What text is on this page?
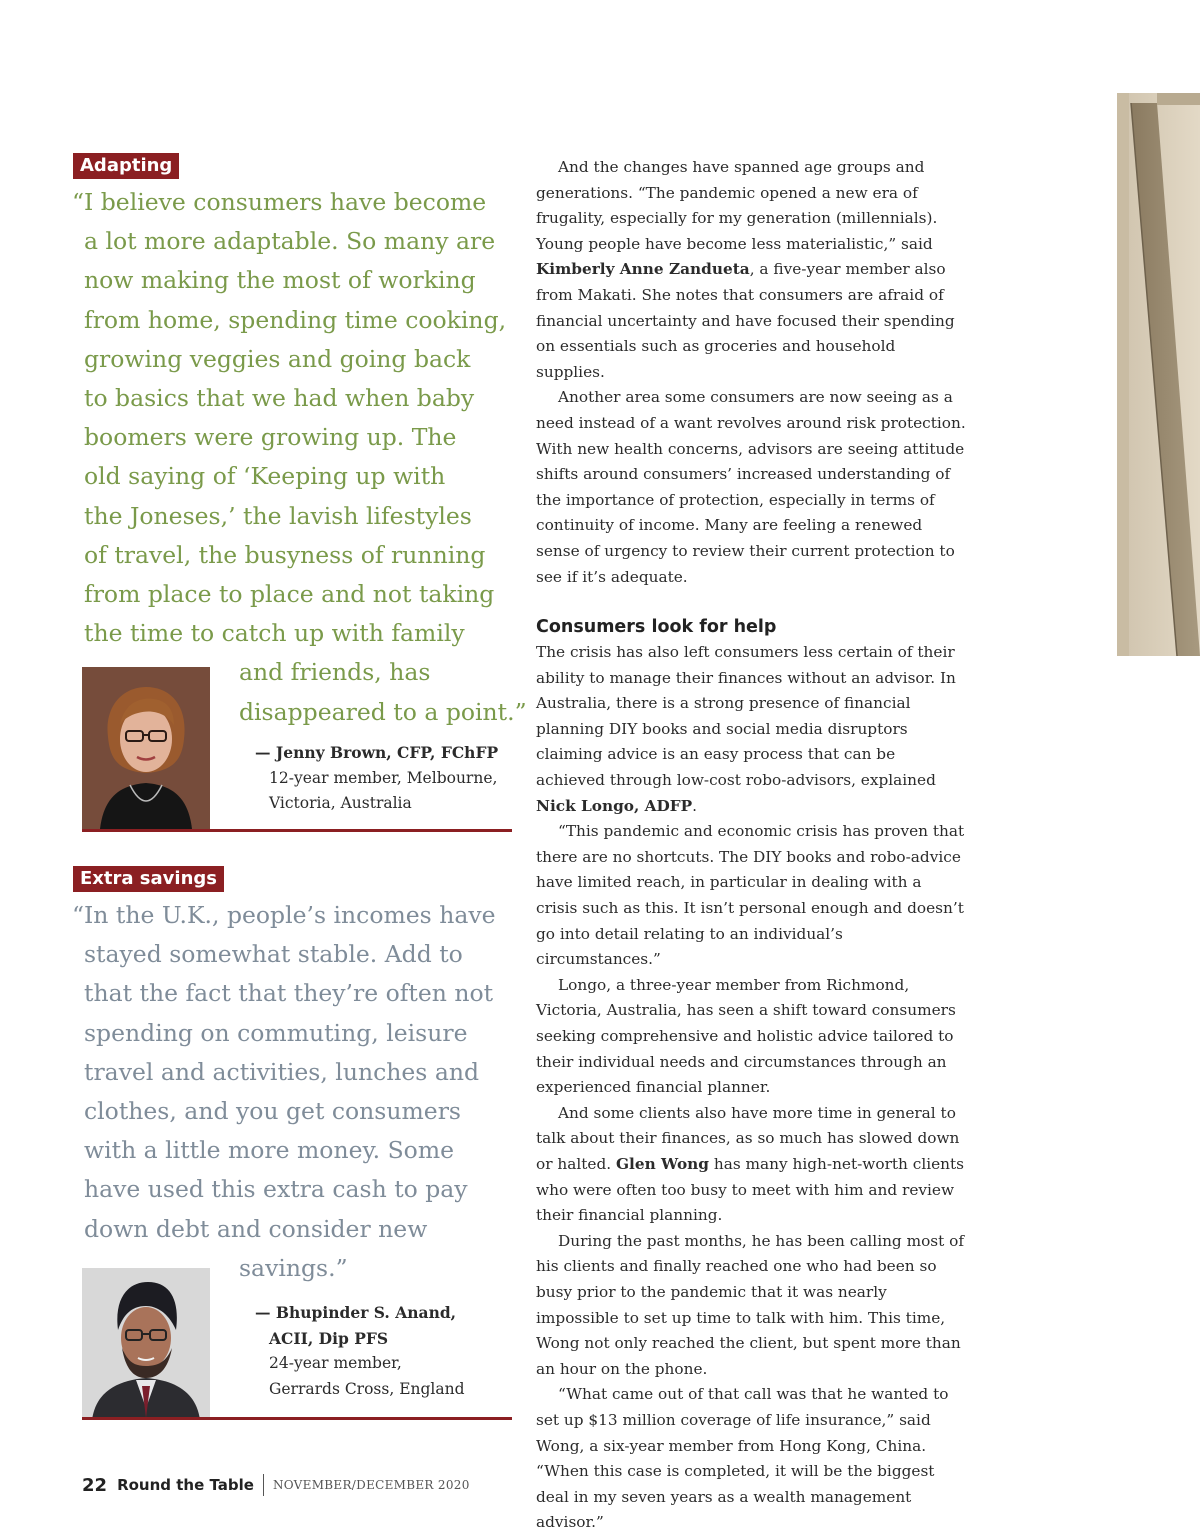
Adapting

“I believe consumers have become
a lot more adaptable. So many are
now making the most of working
from home, spending time cooking,
growing veggies and going back
to basics that we had when baby
boomers were growing up. The
old saying of ‘Keeping up with
the Joneses,’ the lavish lifestyles
of travel, the busyness of running
from place to place and not taking
the time to catch up with family
and friends, has
disappeared to a point.”

— Jenny Brown, CFP, FChFP
12-year member, Melbourne,
Victoria, Australia
Extra savings

“In the U.K., people’s incomes have
stayed somewhat stable. Add to
that the fact that they’re often not
spending on commuting, leisure
travel and activities, lunches and
clothes, and you get consumers
with a little more money. Some
have used this extra cash to pay
down debt and consider new
savings.”

— Bhupinder S. Anand,
ACII, Dip PFS
24-year member,
Gerrards Cross, England

And the changes have spanned age groups and generations. “The pandemic opened a new era of frugality, especially for my generation (millennials). Young people have become less materialistic,” said Kimberly Anne Zandueta, a five-year member also from Makati. She notes that consumers are afraid of financial uncertainty and have focused their spending on essentials such as groceries and household supplies.

Another area some consumers are now seeing as a need instead of a want revolves around risk protection. With new health concerns, advisors are seeing attitude shifts around consumers’ increased understanding of the importance of protection, especially in terms of continuity of income. Many are feeling a renewed sense of urgency to review their current protection to see if it’s adequate.

Consumers look for help

The crisis has also left consumers less certain of their ability to manage their finances without an advisor. In Australia, there is a strong presence of financial planning DIY books and social media disruptors claiming advice is an easy process that can be achieved through low-cost robo-advisors, explained Nick Longo, ADFP.

“This pandemic and economic crisis has proven that there are no shortcuts. The DIY books and robo-advice have limited reach, in particular in dealing with a crisis such as this. It isn’t personal enough and doesn’t go into detail relating to an individual’s circumstances.”

Longo, a three-year member from Richmond, Victoria, Australia, has seen a shift toward consumers seeking comprehensive and holistic advice tailored to their individual needs and circumstances through an experienced financial planner.

And some clients also have more time in general to talk about their finances, as so much has slowed down or halted. Glen Wong has many high-net-worth clients who were often too busy to meet with him and review their financial planning.

During the past months, he has been calling most of his clients and finally reached one who had been so busy prior to the pandemic that it was nearly impossible to set up time to talk with him. This time, Wong not only reached the client, but spent more than an hour on the phone.

“What came out of that call was that he wanted to set up $13 million coverage of life insurance,” said Wong, a six-year member from Hong Kong, China. “When this case is completed, it will be the biggest deal in my seven years as a wealth management advisor.”

22 Round the Table NOVEMBER/DECEMBER 2020
